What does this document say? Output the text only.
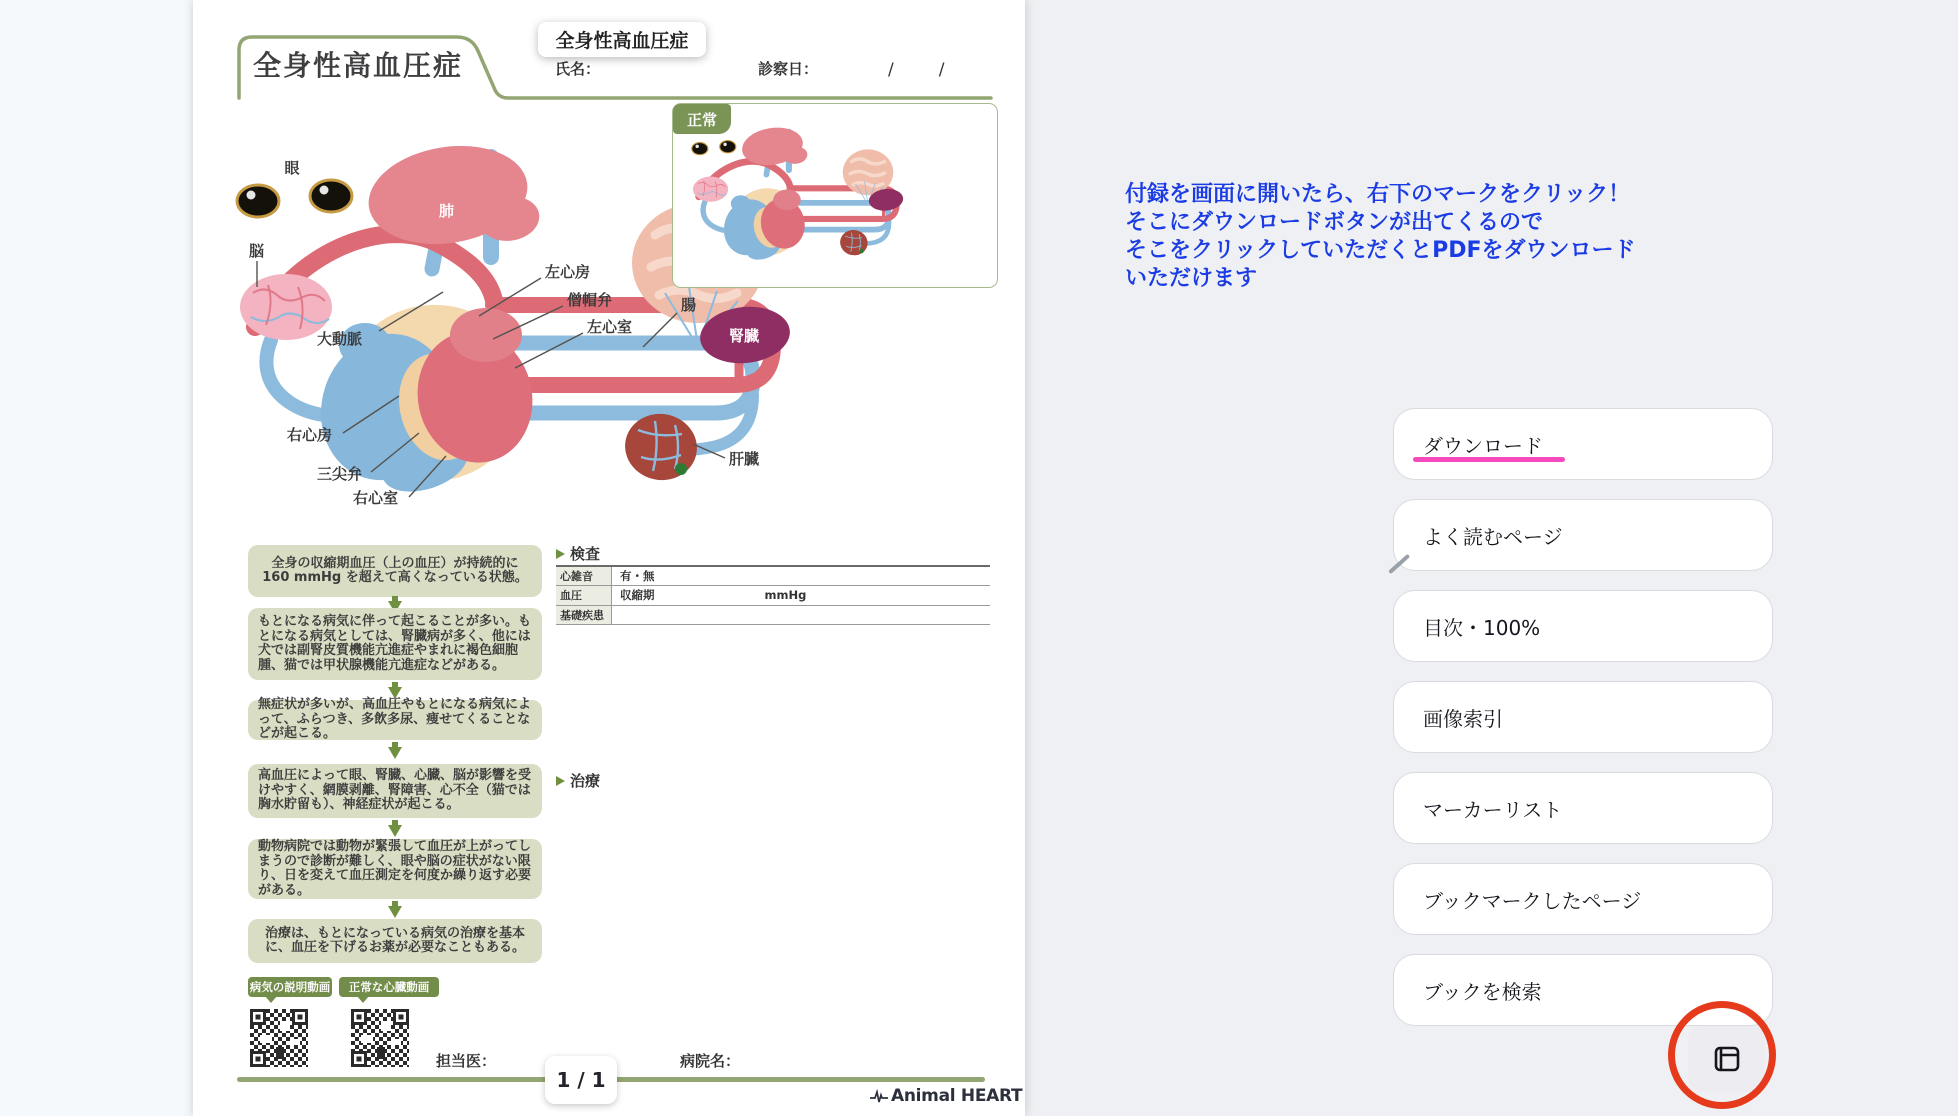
全身性高血圧症
全身性高血圧症
氏名：	診察日：	/　/
眼
肺
脳
大動脈
左心房
僧帽弁
左心室
右心房
三尖弁
右心室
腸
腎臓
肝臓
正常
全身の収縮期血圧（上の血圧）が持続的に 160 mmHg を超えて高くなっている状態。
もとになる病気に伴って起こることが多い。もとになる病気としては、腎臓病が多く、他には犬では副腎皮質機能亢進症やまれに褐色細胞腫、猫では甲状腺機能亢進症などがある。
無症状が多いが、高血圧やもとになる病気によって、ふらつき、多飲多尿、痩せてくることなどが起こる。
高血圧によって眼、腎臓、心臓、脳が影響を受けやすく、網膜剥離、腎障害、心不全（猫では胸水貯留も）、神経症状が起こる。
動物病院では動物が緊張して血圧が上がってしまうので診断が難しく、眼や脳の症状がない限り、日を変えて血圧測定を何度か繰り返す必要がある。
治療は、もとになっている病気の治療を基本に、血圧を下げるお薬が必要なこともある。
病気の説明動画	正常な心臓動画
検査
心雑音	有・無
血圧	収縮期	mmHg
基礎疾患
治療
担当医：	病院名：
1 / 1
Animal HEART
付録を画面に開いたら、右下のマークをクリック！
そこにダウンロードボタンが出てくるので
そこをクリックしていただくとPDFをダウンロード
いただけます
ダウンロード
よく読むページ
目次・100%
画像索引
マーカーリスト
ブックマークしたページ
ブックを検索
